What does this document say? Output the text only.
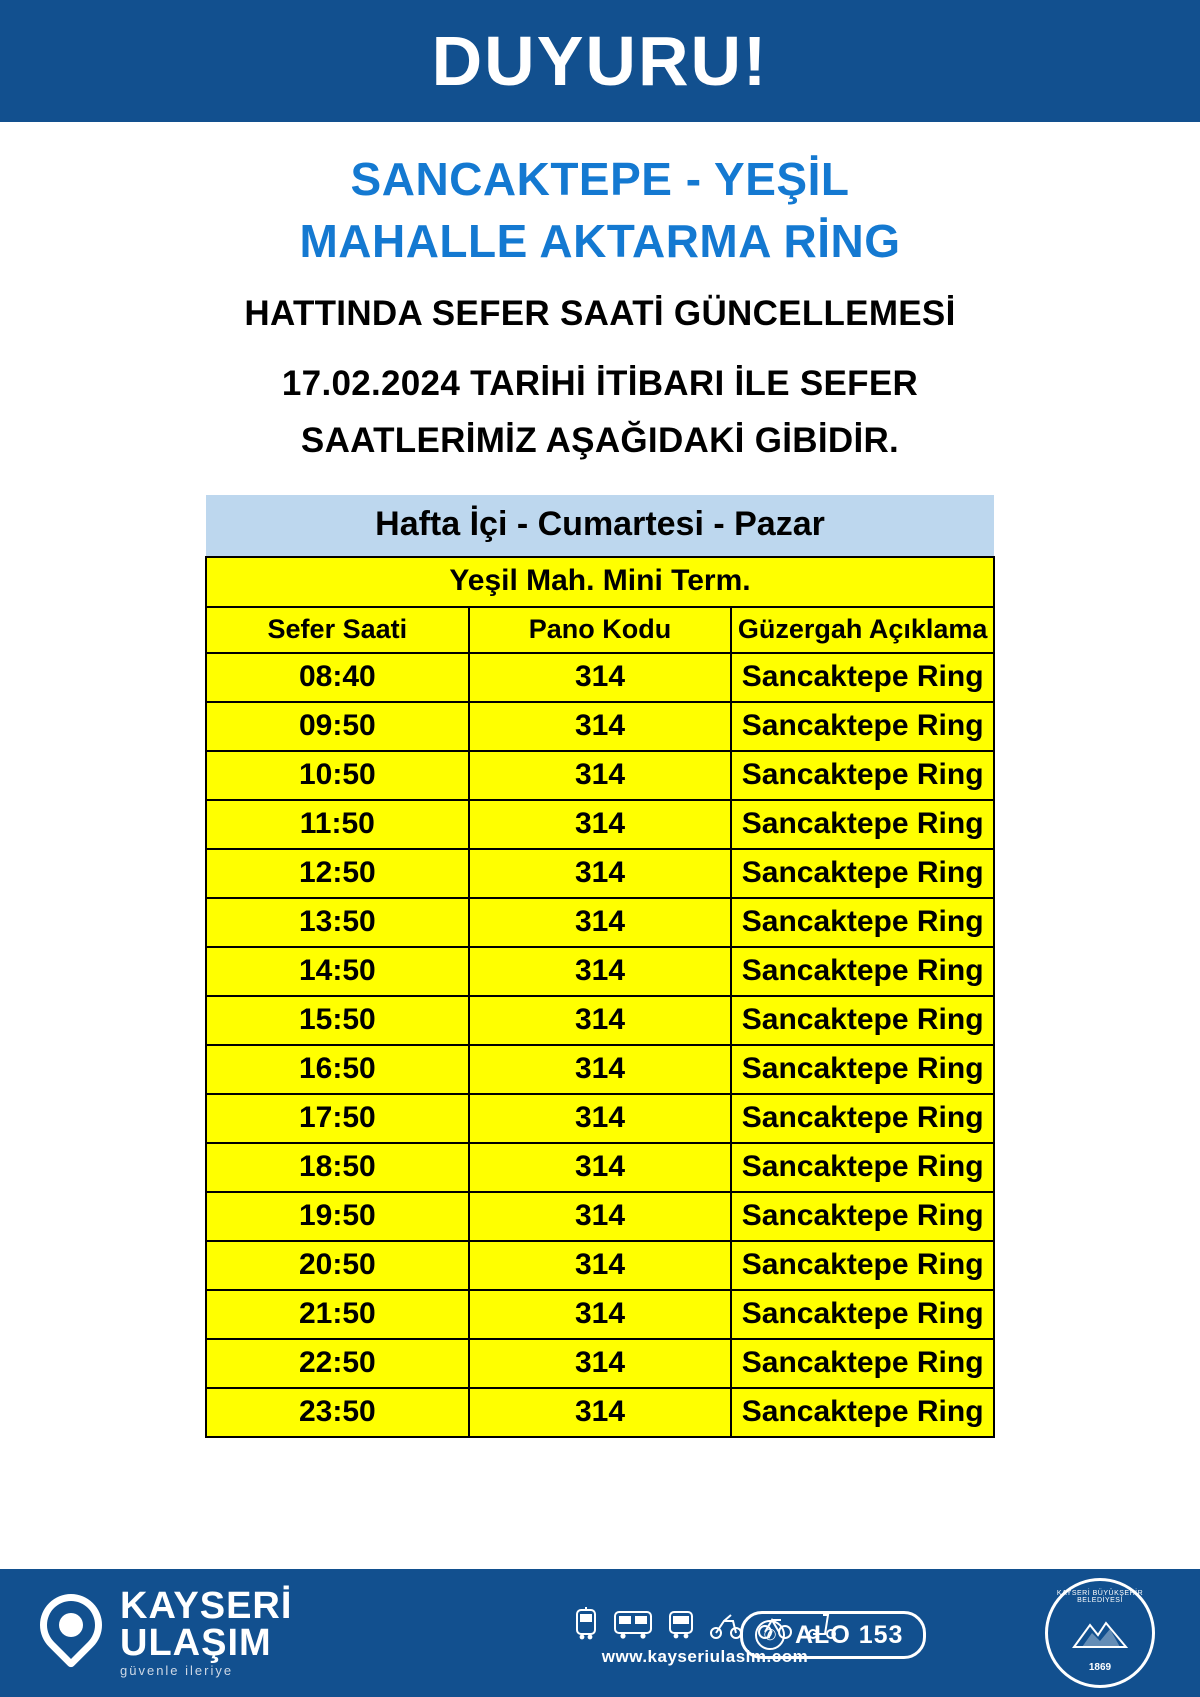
DUYURU!
SANCAKTEPE - YEŞİL
MAHALLE AKTARMA RİNG
HATTINDA SEFER SAATİ GÜNCELLEMESİ
17.02.2024 TARİHİ İTİBARI İLE SEFER
SAATLERİMİZ AŞAĞIDAKİ GİBİDİR.
Hafta İçi - Cumartesi - Pazar		
Yeşil Mah. Mini Term.		
Sefer Saati	Pano Kodu	Güzergah Açıklama
08:40	314	Sancaktepe Ring
09:50	314	Sancaktepe Ring
10:50	314	Sancaktepe Ring
11:50	314	Sancaktepe Ring
12:50	314	Sancaktepe Ring
13:50	314	Sancaktepe Ring
14:50	314	Sancaktepe Ring
15:50	314	Sancaktepe Ring
16:50	314	Sancaktepe Ring
17:50	314	Sancaktepe Ring
18:50	314	Sancaktepe Ring
19:50	314	Sancaktepe Ring
20:50	314	Sancaktepe Ring
21:50	314	Sancaktepe Ring
22:50	314	Sancaktepe Ring
23:50	314	Sancaktepe Ring
KAYSERİ
ULAŞIM
güvenle ileriye
www.kayseriulasim.com
✆ ALO 153
KAYSERİ BÜYÜKŞEHİR BELEDİYESİ
1869
